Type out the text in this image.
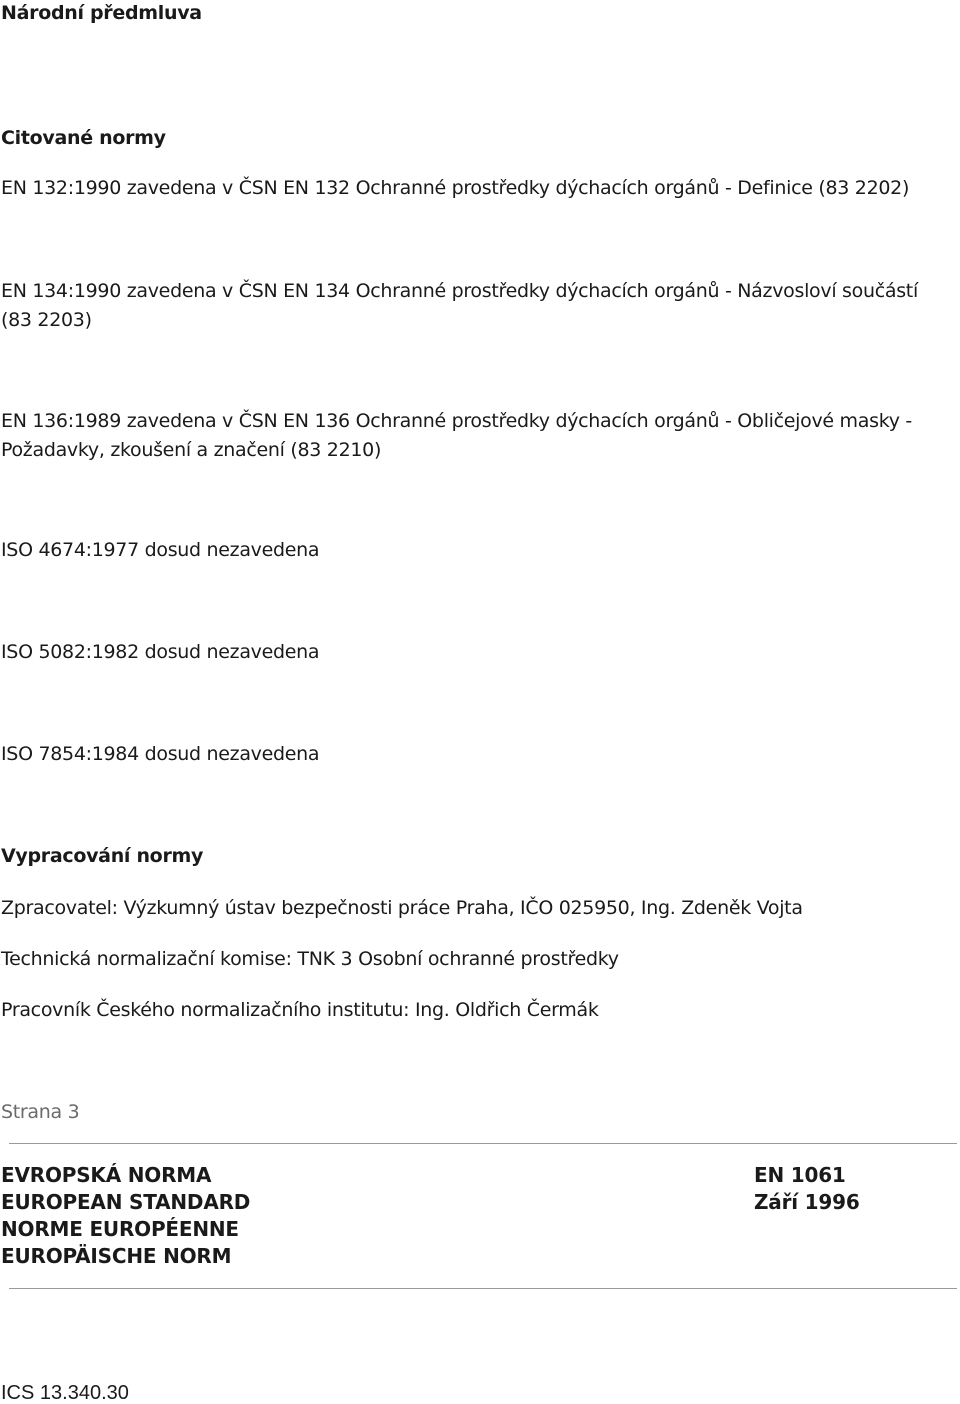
Národní předmluva
Citované normy
EN 132:1990 zavedena v ČSN EN 132 Ochranné prostředky dýchacích orgánů - Definice (83 2202)
EN 134:1990 zavedena v ČSN EN 134 Ochranné prostředky dýchacích orgánů - Názvosloví součástí
(83 2203)
EN 136:1989 zavedena v ČSN EN 136 Ochranné prostředky dýchacích orgánů - Obličejové masky -
Požadavky, zkoušení a značení (83 2210)
ISO 4674:1977 dosud nezavedena
ISO 5082:1982 dosud nezavedena
ISO 7854:1984 dosud nezavedena
Vypracování normy
Zpracovatel: Výzkumný ústav bezpečnosti práce Praha, IČO 025950, Ing. Zdeněk Vojta
Technická normalizační komise: TNK 3 Osobní ochranné prostředky
Pracovník Českého normalizačního institutu: Ing. Oldřich Čermák
Strana 3
EVROPSKÁ NORMA
EUROPEAN STANDARD
NORME EUROPÉENNE
EUROPÄISCHE NORM
EN 1061
Září 1996
ICS 13.340.30
